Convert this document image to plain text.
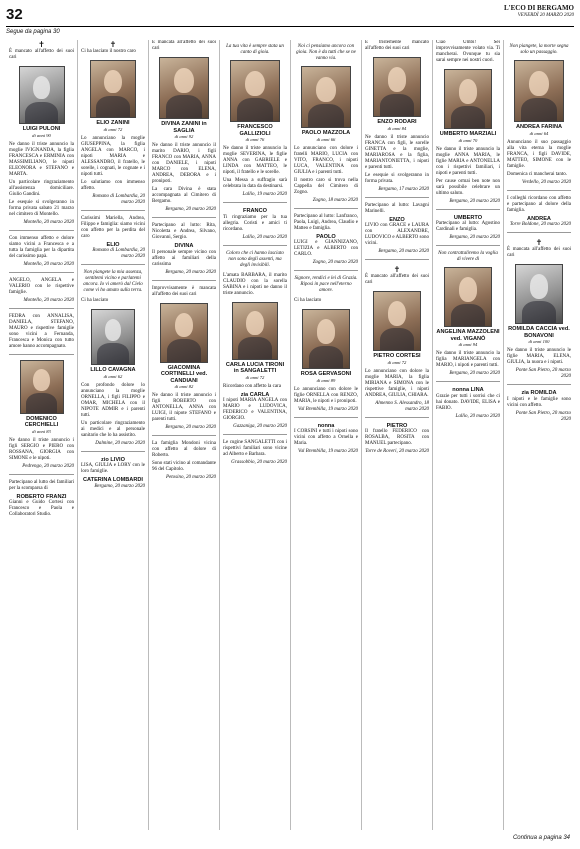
32	L'ECO DI BERGAMO
VENERDÌ 20 MARZO 2020
Segue da pagina 30
✝

È mancato all'affetto dei suoi cari

LUIGI PULONI
di anni 90

Ne danno il triste annuncio la moglie IVIGNANDA, la figlia FRANCESCA e ERMINIA con MASSIMILIANO, le nipoti ELEONORA e STEFANO e MARTA.

Un particolare ringraziamento all'assistenza domiciliare. Giulio Gandini.

Le esequie si svolgeranno in forma privata sabato 21 marzo nel cimitero di Montello.

Montello, 20 marzo 2020

Con immenso affetto e dolore siamo vicini a Francesca e a tutta la famiglia per la dipartita del carissimo papà.

Montello, 20 marzo 2020

ANGELO, ANGELA e VALERIO con le rispettive famiglie.

Montello, 20 marzo 2020

FEDRA con ANNALISA, DANIELA, STEFANO, MAURO e rispettive famiglie sono vicini a Fernanda, Francesca e Monica con tutto amore hanno accompagnato.

DOMENICO CERCHIELLI
di anni 83

Ne danno il triste annuncio i figli SERGIO e PIERO con ROSSANA, GIORGIA con SIMONE e le nipoti.

Pedrengo, 20 marzo 2020

Partecipano al lutto dei familiari per la scomparsa di

ROBERTO FRANZI

Gianni e Guido Cortesi con Francesco e Paola e Collaboratori Studio.

✝

Ci ha lasciato il nostro caro

ELIO ZANINI
di anni 72

Lo annunciano la moglie GIUSEPPINA, la figlia ANGELA con MARCO, i nipoti MARIA e ALESSANDRO, il fratello, le sorelle, i cognati, le cognate e i nipoti tutti.

Lo salutiamo con immenso affetto.

Romano di Lombardia, 20 marzo 2020

Carissimi Mariella, Andrea, Filippo e famiglia: siamo vicini con affetto per la perdita del caro

ELIO

Romano di Lombardia, 20 marzo 2020

Non piangete la mia assenza, sentitemi vicino e parlatemi ancora. Io vi amerò dal Cielo come vi ho amato sulla terra.

Ci ha lasciato

LILLO CAVAGNA
di anni 62

Con profondo dolore lo annunciano la moglie ORNELLA, i figli FILIPPO e OMAR, MICHELA con il NIPOTE ADMIR e i parenti tutti.

Un particolare ringraziamento ai medici e al personale sanitario che lo ha assistito.

Dalmine, 20 marzo 2020

zio LIVIO

LISA, GIULIA e LORY con le loro famiglie.

CATERINA LOMBARDI

Bergamo, 20 marzo 2020

È mancata all'affetto dei suoi cari

DIVINA ZANINI in SAGLIA
di anni 92

Ne danno il triste annuncio il marito DARIO, i figli FRANCO con MARIA, ANNA con DANIELE, i nipoti MARCO con ELENA, ANDREA, DEBORA e i pronipoti.

La cara Divina è stata accompagnata al Cimitero di Bergamo.

Bergamo, 20 marzo 2020

Partecipano al lutto: Rita, Nicoletta e Andrea, Silvano, Giovanni, Sergio.

DIVINA

Il personale sempre vicino con affetto ai familiari della carissima

Bergamo, 20 marzo 2020

Improvvisamente è mancata all'affetto dei suoi cari

GIACOMINA CORTINELLI ved. CANDIANI
di anni 82

Ne danno il triste annuncio i figli ROBERTO con ANTONELLA, ANNA con LUIGI, il nipote STEFANO e parenti tutti.

Bergamo, 20 marzo 2020

La famiglia Mondoni vicina con affetto al dolore di Roberto.

Sono stati vicino al comandante 96 del Capitolo.

Petosino, 20 marzo 2020

La tua vita è sempre stata un canto di gioia.
FRANCESCO GALLIZIOLI
di anni 76

Ne danno il triste annuncio la moglie SEVERINA, le figlie ANNA con GABRIELE e LINDA con MATTEO, le nipoti, il fratello e le sorelle.

Una Messa a suffragio sarà celebrata in data da destinarsi.

Lallio, 19 marzo 2020

FRANCO

Ti ringraziamo per la tua allegria. Coristi e amici ti ricordano.

Lallio, 20 marzo 2020

Coloro che ci hanno lasciato non sono degli assenti, ma degli invisibili.

L'amata BARBARA, il marito CLAUDIO con la sorella SABINA e i nipoti ne danno il triste annuncio.

CARLA LUCIA TIRONI in SANGALETTI
di anni 72

Ricordano con affetto la cara

zia CARLA

I nipoti MARIA ANGELA con MARIO e LUDOVICA, FEDERICO e VALENTINA, GIORGIO.

Gazzaniga, 20 marzo 2020

Le cugine SANGALETTI con i rispettivi familiari sono vicine ad Alberto e Barbara.

Grassobbio, 20 marzo 2020

Noi ci pensiamo ancora con gioia. Non è da tutti che se ne vanno via.
PAOLO MAZZOLA
di anni 66

Lo annunciano con dolore i fratelli MARIO, LUCIA con VITO, FRANCO, i nipoti LUCA, VALENTINA con GIULIA e i parenti tutti.

Il nostro caro si trova nella Cappella del Cimitero di Zogno.

Zogno, 18 marzo 2020

Partecipano al lutto: Lanfranco, Paola, Luigi, Andrea, Claudio e Matteo e famiglia.

PAOLO

LUIGI e GIANNIZANO, LETIZIA e ALBERTO con CARLO.

Zogno, 20 marzo 2020

Signore, rendici e lei di Grazia. Riposi in pace nell'eterno amore.

Ci ha lasciato

ROSA GERVASONI
di anni 89

Lo annunciano con dolore le figlie ORNELLA con RENZO, MARIA, le nipoti e i pronipoti.

Val Brembilla, 19 marzo 2020

nonna

I CORSINI e tutti i nipoti sono vicini con affetto a Ornella e Maria.

Val Brembilla, 19 marzo 2020

È tristemente mancato all'affetto dei suoi cari

ENZO RODARI
di anni 84

Ne danno il triste annuncio FRANCA con figli, le sorelle GINETTA e la moglie, MARIAROSA e la figlia, MARIANTONIETTA, i nipoti e parenti tutti.

Le esequie si svolgeranno in forma privata.

Bergamo, 17 marzo 2020

Partecipano al lutto: Lavagni Marinelli.

ENZO

LIVIO con GRACE e LAURA con ALEXANDRE, LUDOVICO e ALBERTO sono vicini.

Bergamo, 20 marzo 2020

✝

È mancato all'affetto dei suoi cari

PIETRO CORTESI
di anni 72

Lo annunciano con dolore la moglie MARIA, la figlia MIRIANA e SIMONA con le rispettive famiglie, i nipoti ANDREA, GIULIA, CHIARA.

Almenno S. Alessandro, 18 marzo 2020

PIETRO

Il fratello FEDERICO con ROSALBA, ROSITA con MANUEL partecipano.

Torre de Roveri, 20 marzo 2020

Ciao Umbi! Sei improvvisamente volato via. Ti mancherai. Ovunque tu sia sarai sempre nei nostri cuori.

UMBERTO MARZIALI
di anni 70

Ne danno il triste annuncio la moglie ANNA MARIA, le figlie MARIA e ANTONELLA con i rispettivi familiari, i nipoti e parenti tutti.

Per cause ormai ben note non sarà possibile celebrare un ultimo saluto.

Bergamo, 20 marzo 2020

UMBERTO

Partecipano al lutto: Agostino Cardinali e famiglia.

Bergamo, 20 marzo 2020

Non contrattaliremo la voglia di vivere di
ANGELINA MAZZOLENI ved. VIGANÒ
di anni 94

Ne danno il triste annuncio la figlia MARIANGELA con MARIO, i nipoti e parenti tutti.

Bergamo, 20 marzo 2020

nonna LINA

Grazie per tutti i sorrisi che ci hai donato. DAVIDE, ELISA e FABIO.

Lallio, 20 marzo 2020

Non piangete, la morte segna solo un passaggio.
ANDREA FARINA
di anni 64

Annunciano il suo passaggio alla vita eterna la moglie FRANCA, i figli DAVIDE, MATTEO, SIMONE con le famiglie.

Domenica ci mancherai tanto.

Verdello, 20 marzo 2020

I colleghi ricordano con affetto e partecipano al dolore della famiglia.

ANDREA

Torre Boldone, 20 marzo 2020

✝

È mancata all'affetto dei suoi cari

ROMILDA CACCIA ved. BONAVONI
di anni 100

Ne danno il triste annuncio le figlie MARIA, ELENA, GIULIA, la nuora e i nipoti.

Ponte San Pietro, 20 marzo 2020

zia ROMILDA

I nipoti e le famiglie sono vicini con affetto.

Ponte San Pietro, 20 marzo 2020

Continua a pagina 34
